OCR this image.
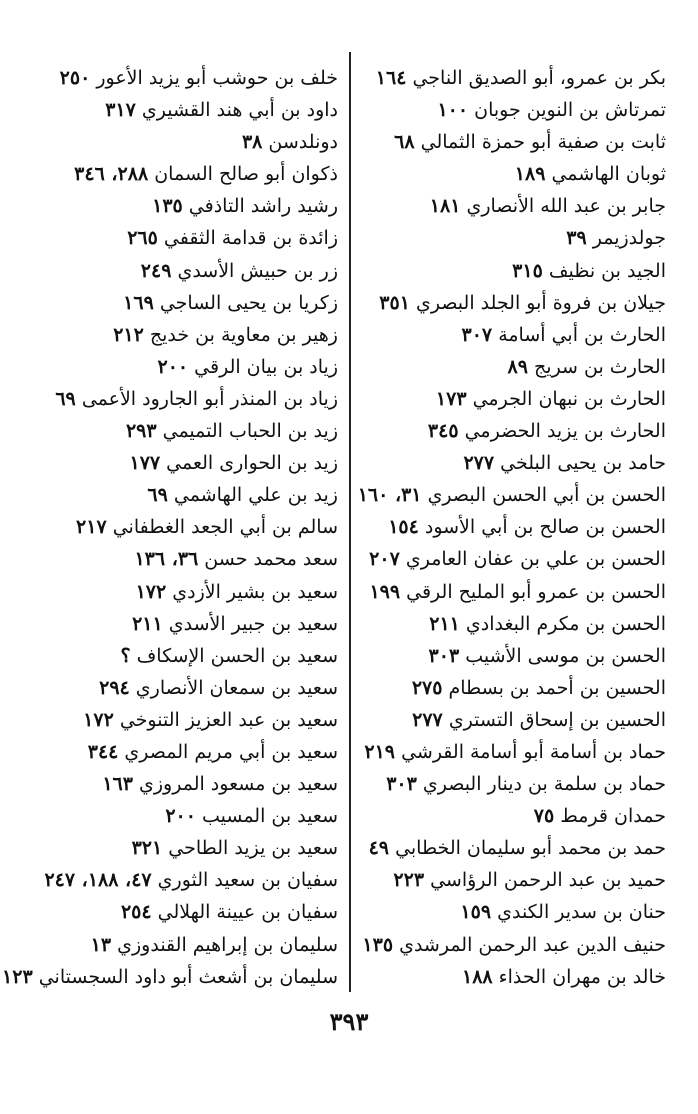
بكر بن عمرو، أبو الصديق الناجي ١٦٤
تمرتاش بن النوين جوبان ١٠٠
ثابت بن صفية أبو حمزة الثمالي ٦٨
ثوبان الهاشمي ١٨٩
جابر بن عبد الله الأنصاري ١٨١
جولدزيمر ٣٩
الجيد بن نظيف ٣١٥
جيلان بن فروة أبو الجلد البصري ٣٥١
الحارث بن أبي أسامة ٣٠٧
الحارث بن سريج ٨٩
الحارث بن نبهان الجرمي ١٧٣
الحارث بن يزيد الحضرمي ٣٤٥
حامد بن يحيى البلخي ٢٧٧
الحسن بن أبي الحسن البصري ٣١، ١٦٠
الحسن بن صالح بن أبي الأسود ١٥٤
الحسن بن علي بن عفان العامري ٢٠٧
الحسن بن عمرو أبو المليح الرقي ١٩٩
الحسن بن مكرم البغدادي ٢١١
الحسن بن موسى الأشيب ٣٠٣
الحسين بن أحمد بن بسطام ٢٧٥
الحسين بن إسحاق التستري ٢٧٧
حماد بن أسامة أبو أسامة القرشي ٢١٩
حماد بن سلمة بن دينار البصري ٣٠٣
حمدان قرمط ٧٥
حمد بن محمد أبو سليمان الخطابي ٤٩
حميد بن عبد الرحمن الرؤاسي ٢٢٣
حنان بن سدير الكندي ١٥٩
حنيف الدين عبد الرحمن المرشدي ١٣٥
خالد بن مهران الحذاء ١٨٨
خلف بن حوشب أبو يزيد الأعور ٢٥٠
داود بن أبي هند القشيري ٣١٧
دونلدسن ٣٨
ذكوان أبو صالح السمان ٢٨٨، ٣٤٦
رشيد راشد التاذفي ١٣٥
زائدة بن قدامة الثقفي ٢٦٥
زر بن حبيش الأسدي ٢٤٩
زكريا بن يحيى الساجي ١٦٩
زهير بن معاوية بن خديج ٢١٢
زياد بن بيان الرقي ٢٠٠
زياد بن المنذر أبو الجارود الأعمى ٦٩
زيد بن الحباب التميمي ٢٩٣
زيد بن الحوارى العمي ١٧٧
زيد بن علي الهاشمي ٦٩
سالم بن أبي الجعد الغطفاني ٢١٧
سعد محمد حسن ٣٦، ١٣٦
سعيد بن بشير الأزدي ١٧٢
سعيد بن جبير الأسدي ٢١١
سعيد بن الحسن الإسكاف ؟
سعيد بن سمعان الأنصاري ٢٩٤
سعيد بن عبد العزيز التنوخي ١٧٢
سعيد بن أبي مريم المصري ٣٤٤
سعيد بن مسعود المروزي ١٦٣
سعيد بن المسيب ٢٠٠
سعيد بن يزيد الطاحي ٣٢١
سفيان بن سعيد الثوري ٤٧، ١٨٨، ٢٤٧
سفيان بن عيينة الهلالي ٢٥٤
سليمان بن إبراهيم القندوزي ١٣
سليمان بن أشعث أبو داود السجستاني ١٢٣
٣٩٣
